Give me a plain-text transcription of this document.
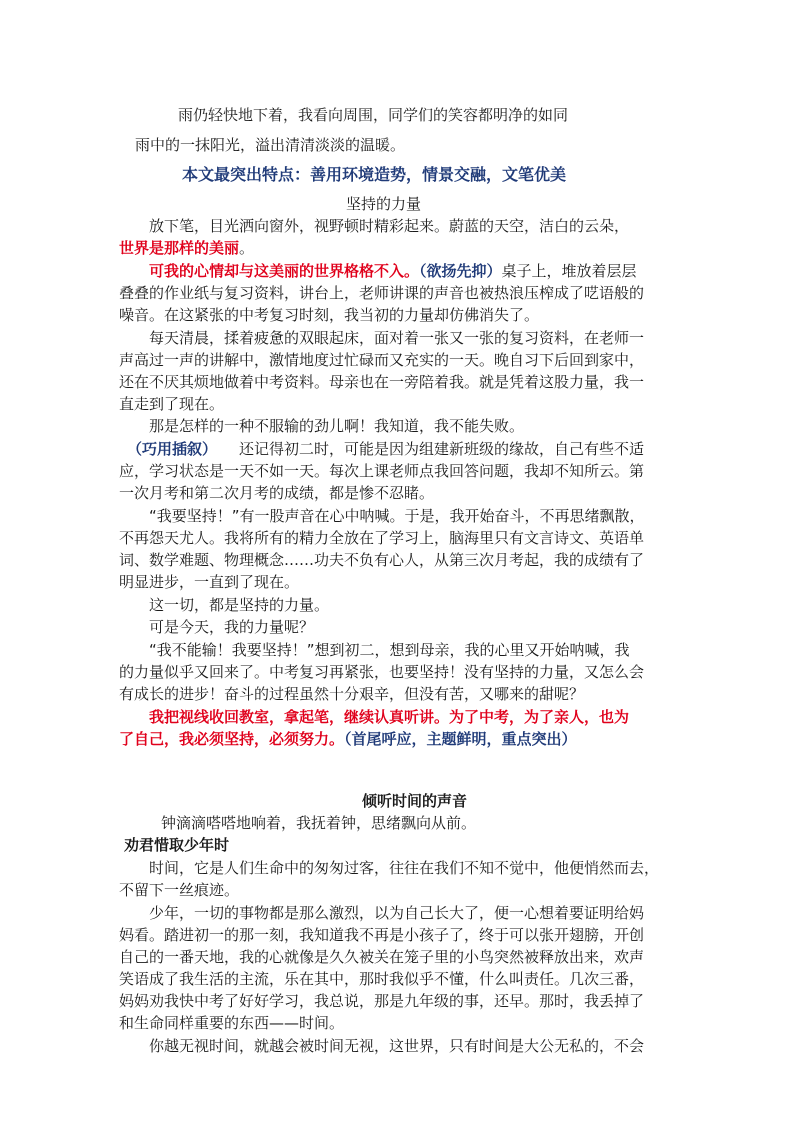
雨仍轻快地下着，我看向周围，同学们的笑容都明净的如同
雨中的一抹阳光，溢出清清淡淡的温暖。
本文最突出特点：善用环境造势，情景交融，文笔优美
坚持的力量
放下笔，目光洒向窗外，视野顿时精彩起来。蔚蓝的天空，洁白的云朵，
世界是那样的美丽。
可我的心情却与这美丽的世界格格不入。（欲扬先抑）桌子上，堆放着层层
叠叠的作业纸与复习资料，讲台上，老师讲课的声音也被热浪压榨成了呓语般的
噪音。在这紧张的中考复习时刻，我当初的力量却仿佛消失了。
每天清晨，揉着疲惫的双眼起床，面对着一张又一张的复习资料，在老师一
声高过一声的讲解中，激情地度过忙碌而又充实的一天。晚自习下后回到家中，
还在不厌其烦地做着中考资料。母亲也在一旁陪着我。就是凭着这股力量，我一
直走到了现在。
那是怎样的一种不服输的劲儿啊！我知道，我不能失败。
（巧用插叙） 还记得初二时，可能是因为组建新班级的缘故，自己有些不适
应，学习状态是一天不如一天。每次上课老师点我回答问题，我却不知所云。第
一次月考和第二次月考的成绩，都是惨不忍睹。
“我要坚持！”有一股声音在心中呐喊。于是，我开始奋斗，不再思绪飘散，
不再怨天尤人。我将所有的精力全放在了学习上，脑海里只有文言诗文、英语单
词、数学难题、物理概念……功夫不负有心人，从第三次月考起，我的成绩有了
明显进步，一直到了现在。
这一切，都是坚持的力量。
可是今天，我的力量呢？
“我不能输！我要坚持！”想到初二，想到母亲，我的心里又开始呐喊，我
的力量似乎又回来了。中考复习再紧张，也要坚持！没有坚持的力量，又怎么会
有成长的进步！奋斗的过程虽然十分艰辛，但没有苦，又哪来的甜呢？
我把视线收回教室，拿起笔，继续认真听讲。为了中考，为了亲人，也为
了自己，我必须坚持，必须努力。（首尾呼应，主题鲜明，重点突出）
倾听时间的声音
钟滴滴嗒嗒地响着，我抚着钟，思绪飘向从前。
劝君惜取少年时
时间，它是人们生命中的匆匆过客，往往在我们不知不觉中，他便悄然而去，
不留下一丝痕迹。
少年，一切的事物都是那么激烈，以为自己长大了，便一心想着要证明给妈
妈看。踏进初一的那一刻，我知道我不再是小孩子了，终于可以张开翅膀，开创
自己的一番天地，我的心就像是久久被关在笼子里的小鸟突然被释放出来，欢声
笑语成了我生活的主流，乐在其中，那时我似乎不懂，什么叫责任。几次三番，
妈妈劝我快中考了好好学习，我总说，那是九年级的事，还早。那时，我丢掉了
和生命同样重要的东西——时间。
你越无视时间，就越会被时间无视，这世界，只有时间是大公无私的，不会
